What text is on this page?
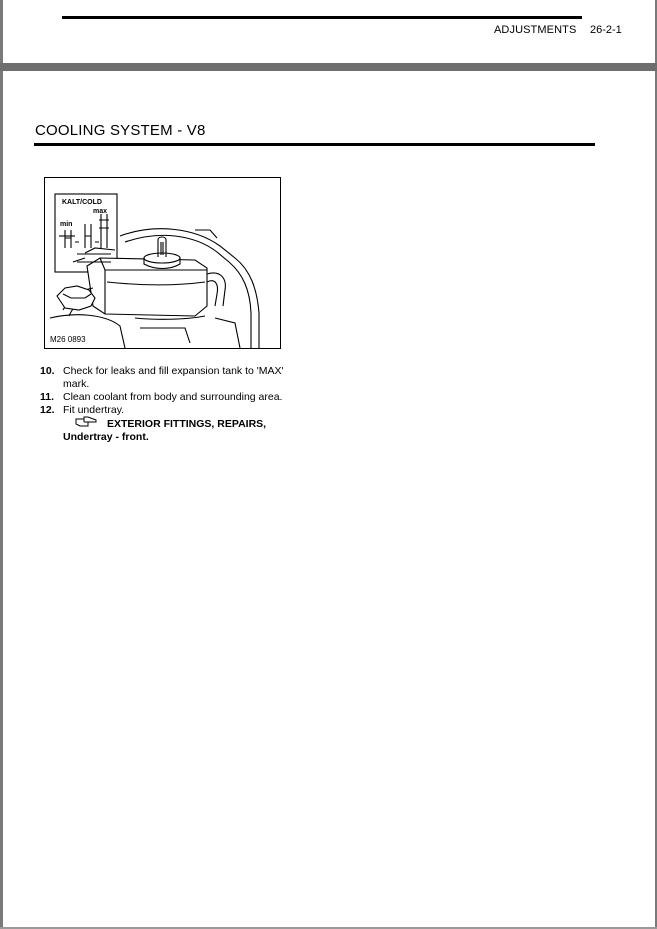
ADJUSTMENTS 26-2-1
COOLING SYSTEM - V8
KALT/COLD
max
min
M26 0893
10. Check for leaks and fill expansion tank to 'MAX' mark.
11. Clean coolant from body and surrounding area.
12. Fit undertray.
EXTERIOR FITTINGS, REPAIRS,
Undertray - front.
